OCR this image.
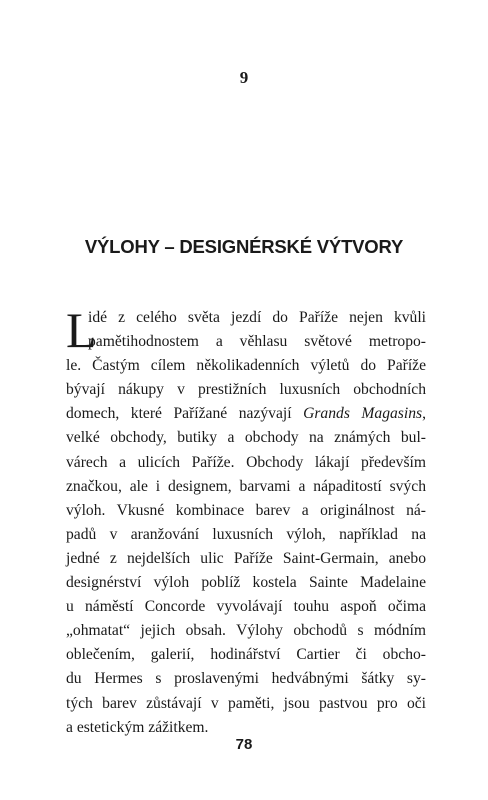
9
VÝLOHY – DESIGNÉRSKÉ VÝTVORY
L
idé z celého světa jezdí do Paříže nejen kvůli
pamětihodnostem a věhlasu světové metropo-
le. Častým cílem několikadenních výletů do Paříže
bývají nákupy v prestižních luxusních obchodních
domech, které Pařížané nazývají Grands Magasins,
velké obchody, butiky a obchody na známých bul-
várech a ulicích Paříže. Obchody lákají především
značkou, ale i designem, barvami a nápaditostí svých
výloh. Vkusné kombinace barev a originálnost ná-
padů v aranžování luxusních výloh, například na
jedné z nejdelších ulic Paříže Saint-Germain, anebo
designérství výloh poblíž kostela Sainte Madelaine
u náměstí Concorde vyvolávají touhu aspoň očima
„ohmatat“ jejich obsah. Výlohy obchodů s módním
oblečením, galerií, hodinářství Cartier či obcho-
du Hermes s proslavenými hedvábnými šátky sy-
tých barev zůstávají v paměti, jsou pastvou pro oči
a estetickým zážitkem.
78
